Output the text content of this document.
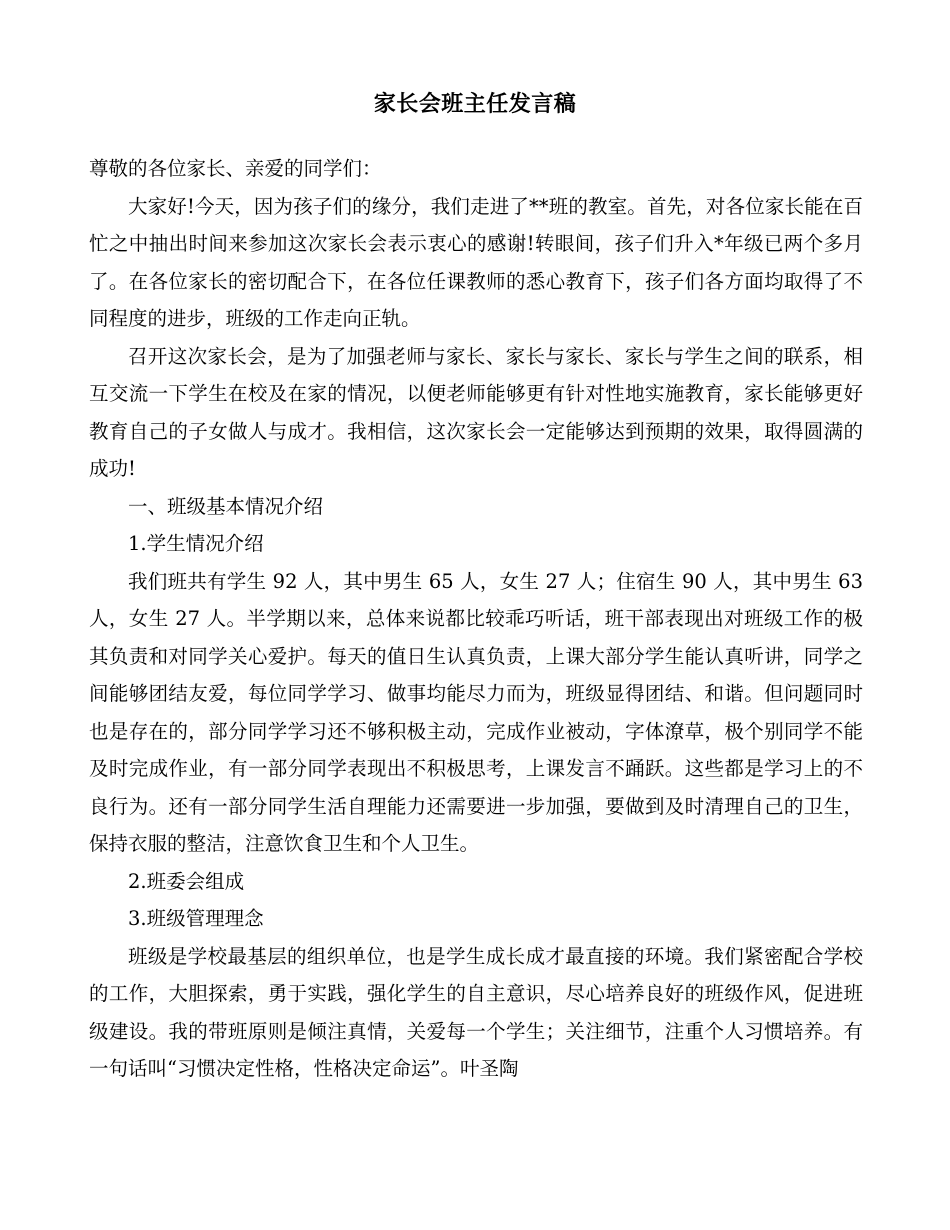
家长会班主任发言稿

尊敬的各位家长、亲爱的同学们：

大家好!今天，因为孩子们的缘分，我们走进了**班的教室。首先，对各位家长能在百忙之中抽出时间来参加这次家长会表示衷心的感谢!转眼间，孩子们升入*年级已两个多月了。在各位家长的密切配合下，在各位任课教师的悉心教育下，孩子们各方面均取得了不同程度的进步，班级的工作走向正轨。

召开这次家长会，是为了加强老师与家长、家长与家长、家长与学生之间的联系，相互交流一下学生在校及在家的情况，以便老师能够更有针对性地实施教育，家长能够更好教育自己的子女做人与成才。我相信，这次家长会一定能够达到预期的效果，取得圆满的成功!

一、班级基本情况介绍

1.学生情况介绍

我们班共有学生 92 人，其中男生 65 人，女生 27 人；住宿生 90 人，其中男生 63 人，女生 27 人。半学期以来，总体来说都比较乖巧听话，班干部表现出对班级工作的极其负责和对同学关心爱护。每天的值日生认真负责，上课大部分学生能认真听讲，同学之间能够团结友爱，每位同学学习、做事均能尽力而为，班级显得团结、和谐。但问题同时也是存在的，部分同学学习还不够积极主动，完成作业被动，字体潦草，极个别同学不能及时完成作业，有一部分同学表现出不积极思考，上课发言不踊跃。这些都是学习上的不良行为。还有一部分同学生活自理能力还需要进一步加强，要做到及时清理自己的卫生，保持衣服的整洁，注意饮食卫生和个人卫生。

2.班委会组成

3.班级管理理念

班级是学校最基层的组织单位，也是学生成长成才最直接的环境。我们紧密配合学校的工作，大胆探索，勇于实践，强化学生的自主意识，尽心培养良好的班级作风，促进班级建设。我的带班原则是倾注真情，关爱每一个学生；关注细节，注重个人习惯培养。有一句话叫“习惯决定性格，性格决定命运”。叶圣陶
